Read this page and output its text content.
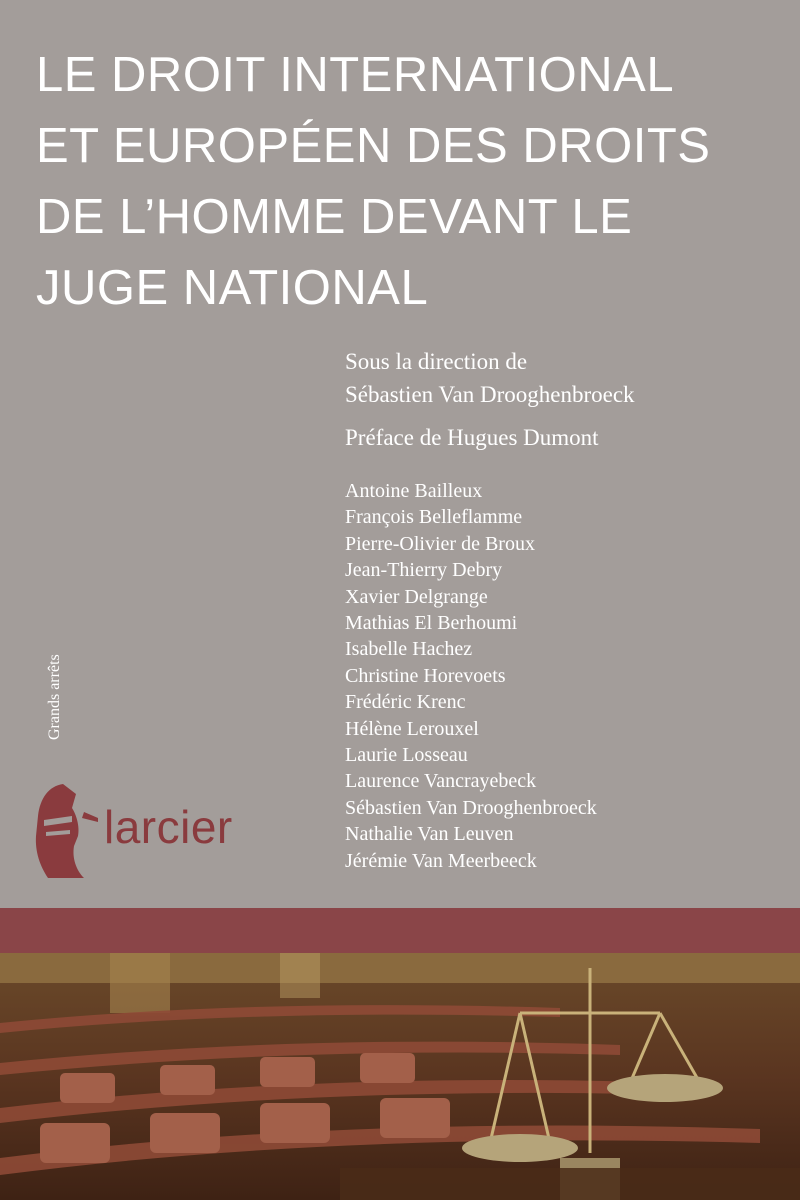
LE DROIT INTERNATIONAL
ET EUROPÉEN DES DROITS
DE L’HOMME DEVANT LE
JUGE NATIONAL
Sous la direction de
Sébastien Van Drooghenbroeck
Préface de Hugues Dumont
Antoine Bailleux
François Belleflamme
Pierre-Olivier de Broux
Jean-Thierry Debry
Xavier Delgrange
Mathias El Berhoumi
Isabelle Hachez
Christine Horevoets
Frédéric Krenc
Hélène Lerouxel
Laurie Losseau
Laurence Vancrayebeck
Sébastien Van Drooghenbroeck
Nathalie Van Leuven
Jérémie Van Meerbeeck
Grands arrêts
larcier
